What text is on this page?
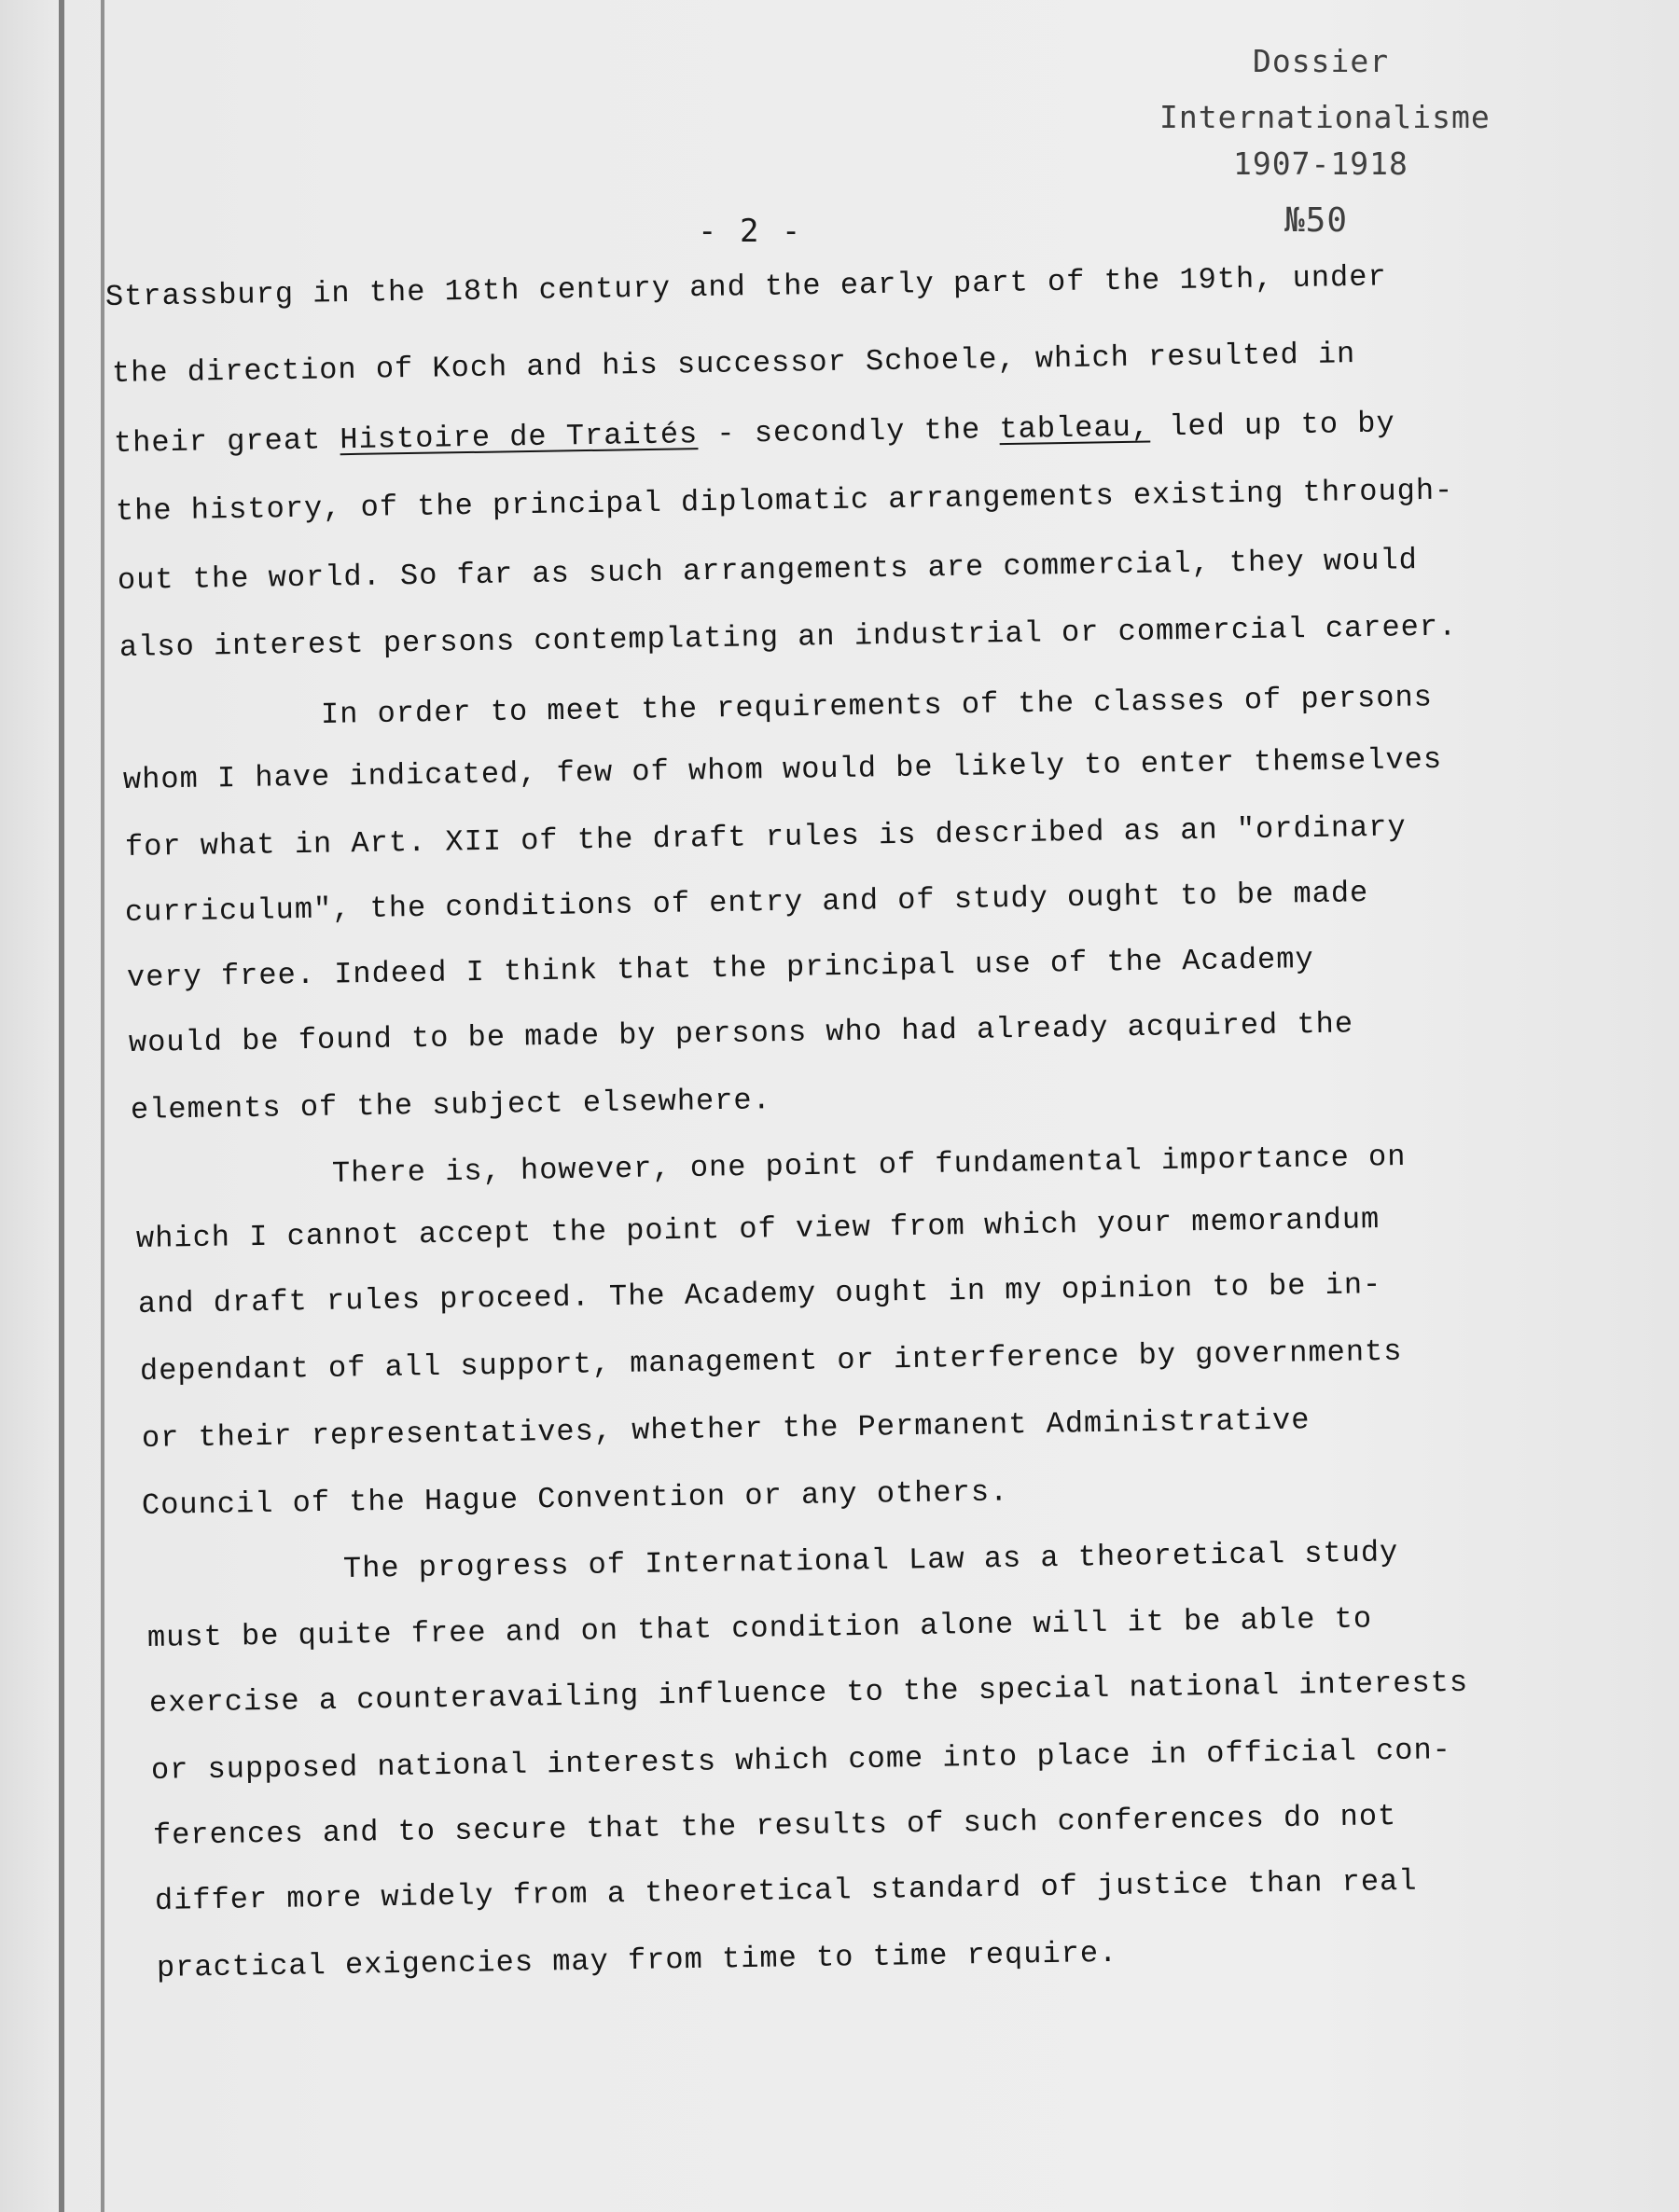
Dossier
Internationalisme
1907-1918
№50
- 2 -
Strassburg in the 18th century and the early part of the 19th, under
the direction of Koch and his successor Schoele, which resulted in
their great Histoire de Traités - secondly the tableau, led up to by
the history, of the principal diplomatic arrangements existing through-
out the world. So far as such arrangements are commercial, they would
also interest persons contemplating an industrial or commercial career.
In order to meet the requirements of the classes of persons
whom I have indicated, few of whom would be likely to enter themselves
for what in Art. XII of the draft rules is described as an "ordinary
curriculum", the conditions of entry and of study ought to be made
very free. Indeed I think that the principal use of the Academy
would be found to be made by persons who had already acquired the
elements of the subject elsewhere.
There is, however, one point of fundamental importance on
which I cannot accept the point of view from which your memorandum
and draft rules proceed. The Academy ought in my opinion to be in-
dependant of all support, management or interference by governments
or their representatives, whether the Permanent Administrative
Council of the Hague Convention or any others.
The progress of International Law as a theoretical study
must be quite free and on that condition alone will it be able to
exercise a counteravailing influence to the special national interests
or supposed national interests which come into place in official con-
ferences and to secure that the results of such conferences do not
differ more widely from a theoretical standard of justice than real
practical exigencies may from time to time require.
